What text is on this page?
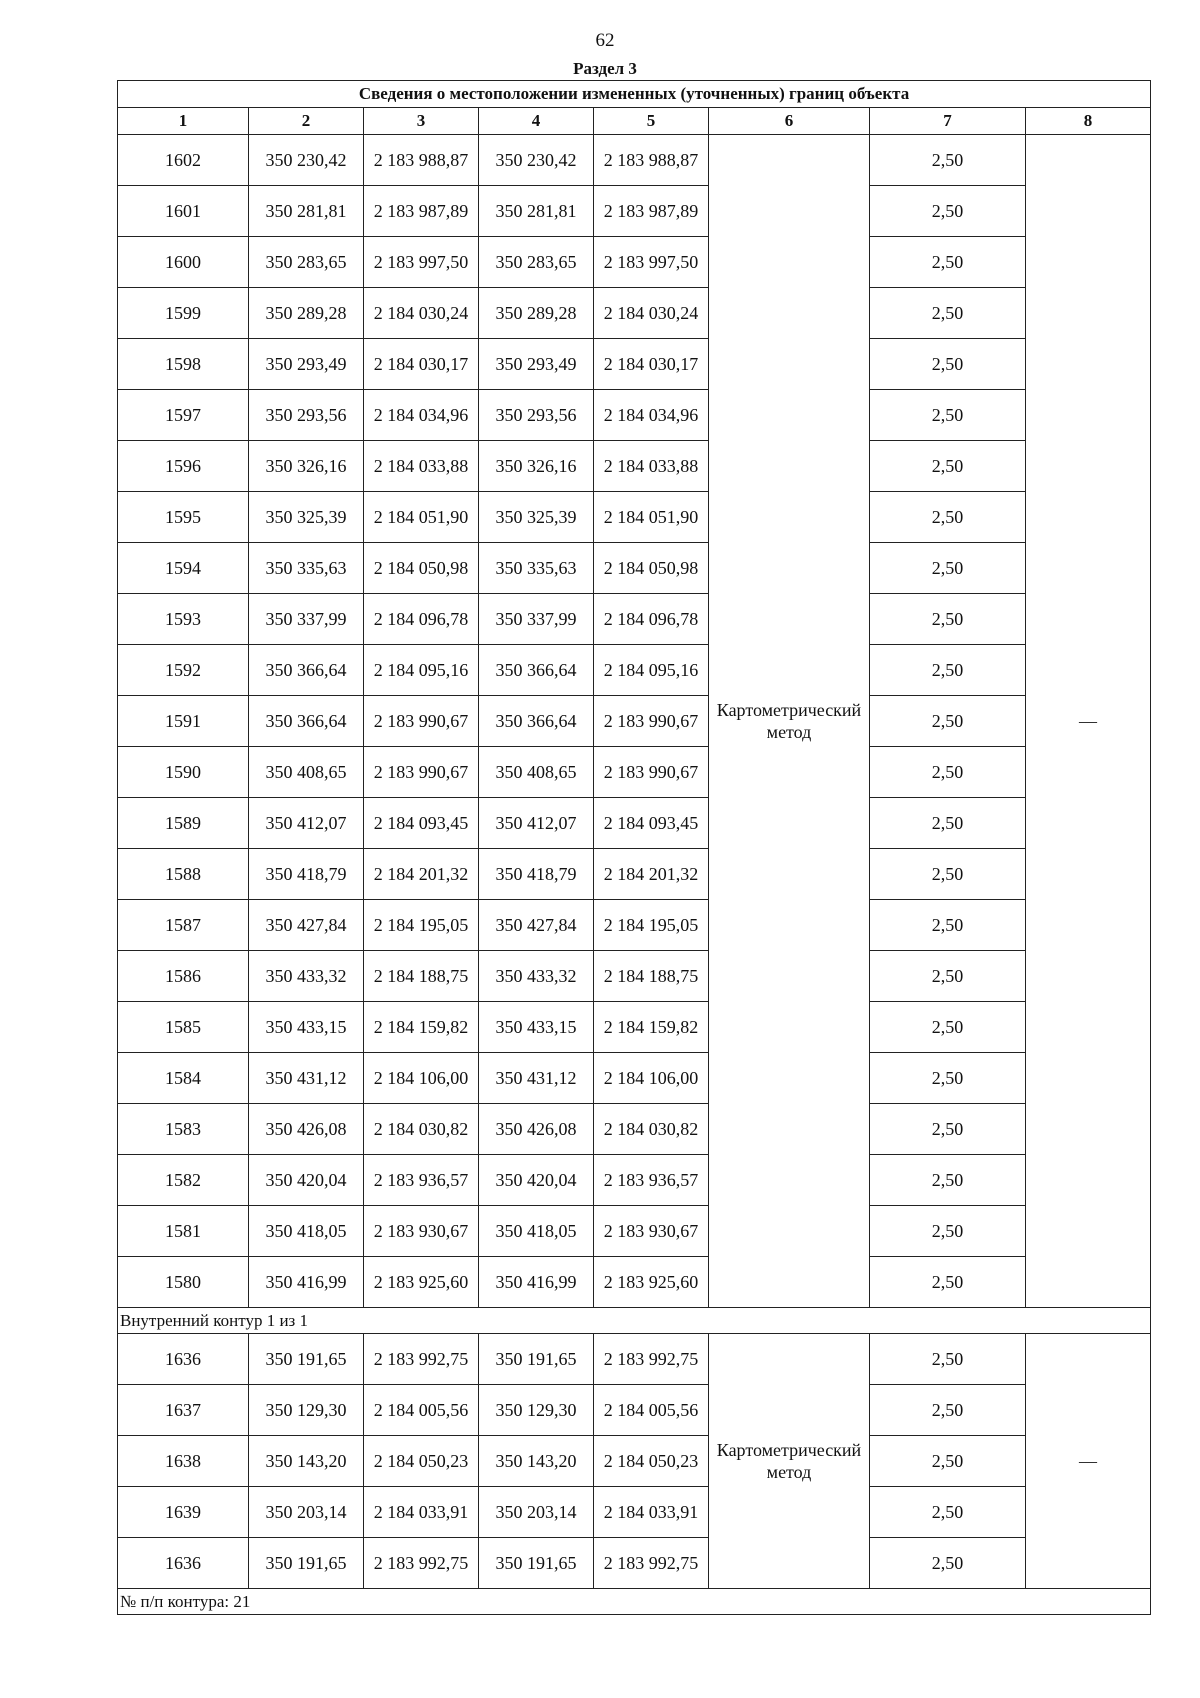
62
Раздел 3
Сведения о местоположении измененных (уточненных) границ объекта							
1	2	3	4	5	6	7	8
1602	350 230,42	2 183 988,87	350 230,42	2 183 988,87	Картометрический метод	2,50	—
1601	350 281,81	2 183 987,89	350 281,81	2 183 987,89		2,50	
1600	350 283,65	2 183 997,50	350 283,65	2 183 997,50		2,50	
1599	350 289,28	2 184 030,24	350 289,28	2 184 030,24		2,50	
1598	350 293,49	2 184 030,17	350 293,49	2 184 030,17		2,50	
1597	350 293,56	2 184 034,96	350 293,56	2 184 034,96		2,50	
1596	350 326,16	2 184 033,88	350 326,16	2 184 033,88		2,50	
1595	350 325,39	2 184 051,90	350 325,39	2 184 051,90		2,50	
1594	350 335,63	2 184 050,98	350 335,63	2 184 050,98		2,50	
1593	350 337,99	2 184 096,78	350 337,99	2 184 096,78		2,50	
1592	350 366,64	2 184 095,16	350 366,64	2 184 095,16		2,50	
1591	350 366,64	2 183 990,67	350 366,64	2 183 990,67		2,50	
1590	350 408,65	2 183 990,67	350 408,65	2 183 990,67		2,50	
1589	350 412,07	2 184 093,45	350 412,07	2 184 093,45		2,50	
1588	350 418,79	2 184 201,32	350 418,79	2 184 201,32		2,50	
1587	350 427,84	2 184 195,05	350 427,84	2 184 195,05		2,50	
1586	350 433,32	2 184 188,75	350 433,32	2 184 188,75		2,50	
1585	350 433,15	2 184 159,82	350 433,15	2 184 159,82		2,50	
1584	350 431,12	2 184 106,00	350 431,12	2 184 106,00		2,50	
1583	350 426,08	2 184 030,82	350 426,08	2 184 030,82		2,50	
1582	350 420,04	2 183 936,57	350 420,04	2 183 936,57		2,50	
1581	350 418,05	2 183 930,67	350 418,05	2 183 930,67		2,50	
1580	350 416,99	2 183 925,60	350 416,99	2 183 925,60		2,50	
Внутренний контур 1 из 1							
1636	350 191,65	2 183 992,75	350 191,65	2 183 992,75	Картометрический метод	2,50	—
1637	350 129,30	2 184 005,56	350 129,30	2 184 005,56		2,50	
1638	350 143,20	2 184 050,23	350 143,20	2 184 050,23		2,50	
1639	350 203,14	2 184 033,91	350 203,14	2 184 033,91		2,50	
1636	350 191,65	2 183 992,75	350 191,65	2 183 992,75		2,50	
№ п/п контура: 21							
